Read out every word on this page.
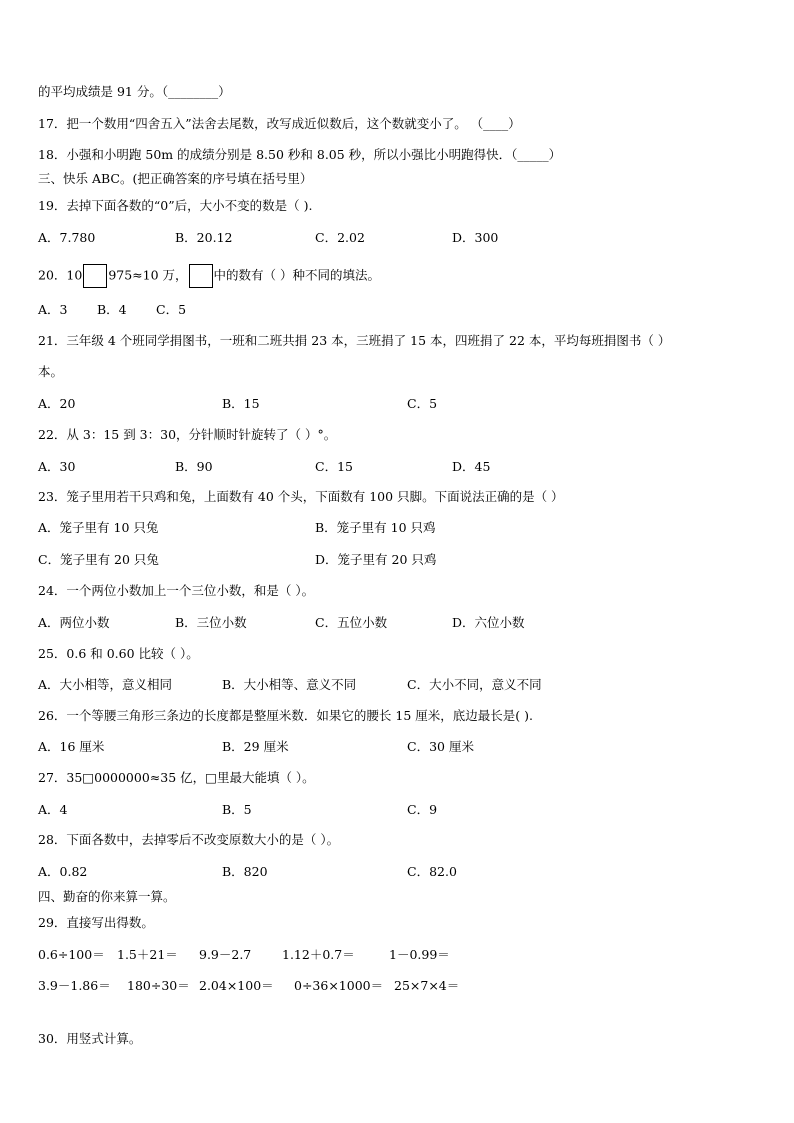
的平均成绩是 91 分。（________）
17．把一个数用“四舍五入”法舍去尾数，改写成近似数后，这个数就变小了。 （____）
18．小强和小明跑 50m 的成绩分别是 8.50 秒和 8.05 秒，所以小强比小明跑得快．（_____）
三、快乐 ABC。(把正确答案的序号填在括号里）
19．去掉下面各数的“0”后，大小不变的数是（ ).
A．7.780	B．20.12	C．2.02	D．300
20．10 975≈10 万， 中的数有（ ）种不同的填法。
A．3 B．4 C．5
21．三年级 4 个班同学捐图书，一班和二班共捐 23 本，三班捐了 15 本，四班捐了 22 本，平均每班捐图书（ ）
本。
A．20	B．15	C．5
22．从 3：15 到 3：30，分针顺时针旋转了（ ）°。
A．30	B．90	C．15	D．45
23．笼子里用若干只鸡和兔，上面数有 40 个头，下面数有 100 只脚。下面说法正确的是（ ）
A．笼子里有 10 只兔	B．笼子里有 10 只鸡
C．笼子里有 20 只兔	D．笼子里有 20 只鸡
24．一个两位小数加上一个三位小数，和是（ ）。
A．两位小数	B．三位小数	C．五位小数	D．六位小数
25．0.6 和 0.60 比较（ ）。
A．大小相等，意义相同	B．大小相等、意义不同	C．大小不同，意义不同
26．一个等腰三角形三条边的长度都是整厘米数．如果它的腰长 15 厘米，底边最长是( ).
A．16 厘米	B．29 厘米	C．30 厘米
27．35□0000000≈35 亿，□里最大能填（ ）。
A．4	B．5	C．9
28．下面各数中，去掉零后不改变原数大小的是（ ）。
A．0.82	B．820	C．82.0
四、勤奋的你来算一算。
29．直接写出得数。
0.6÷100＝ 1.5＋21＝ 9.9－2.7 1.12＋0.7＝	1－0.99＝
3.9－1.86＝ 180÷30＝ 2.04×100＝ 0÷36×1000＝ 25×7×4＝
30．用竖式计算。
